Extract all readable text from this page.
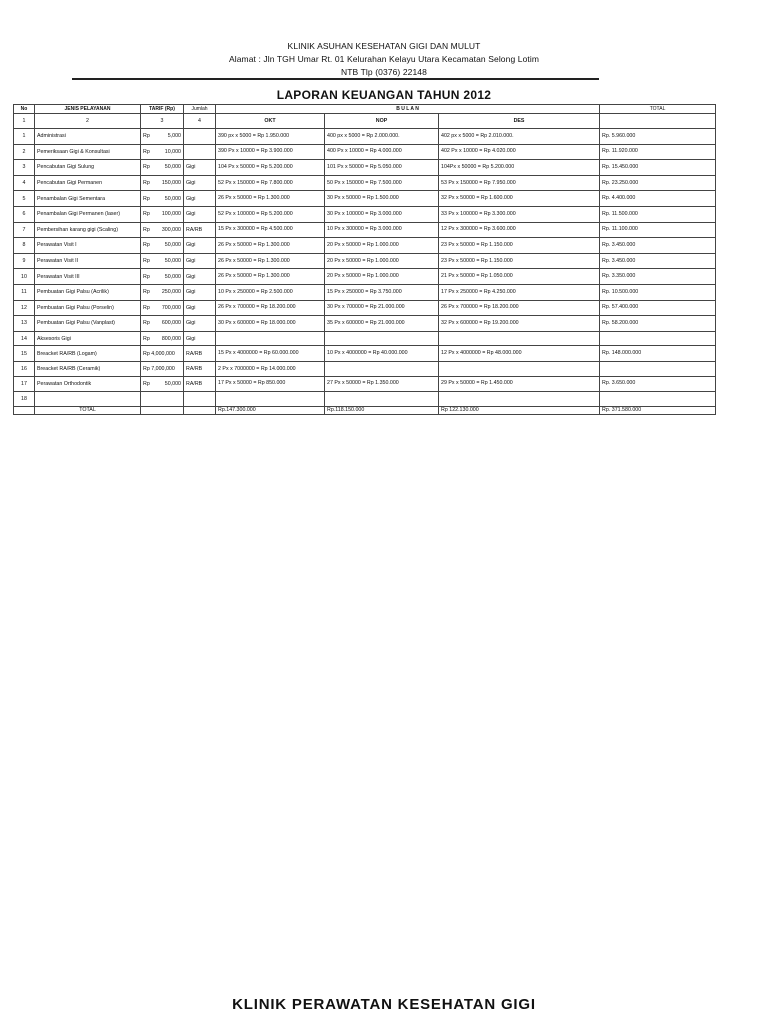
KLINIK ASUHAN KESEHATAN GIGI DAN MULUT
Alamat : Jln TGH Umar Rt. 01 Kelurahan Kelayu Utara Kecamatan Selong Lotim
NTB Tlp (0376) 22148
LAPORAN KEUANGAN TAHUN 2012
No	JENIS PELAYANAN	TARIF (Rp)	Jumlah	B U L A N			TOTAL
1	2	3	4	OKT	NOP	DES	
1	Administrasi	Rp 5,000		390 px x 5000 = Rp 1.950.000	400 px x 5000 = Rp 2.000.000.	402 px x 5000 = Rp 2.010.000.	Rp. 5.960.000
2	Pemeriksaan Gigi & Konsultasi	Rp 10,000		390 Px x 10000 = Rp 3.900.000	400 Px x 10000 = Rp 4.000.000	402 Px x 10000 = Rp 4.020.000	Rp. 11.920.000
3	Pencabutan Gigi Sulung	Rp 50,000	Gigi	104 Px x 50000 = Rp 5.200.000	101 Px x 50000 = Rp 5.050.000	104Px x 50000 = Rp 5.200.000	Rp. 15.450.000
4	Pencabutan Gigi Permanen	Rp 150,000	Gigi	52 Px x 150000 = Rp 7.800.000	50 Px x 150000 = Rp 7.500.000	53 Px x 150000 = Rp 7.950.000	Rp. 23.250.000
5	Penambalan Gigi Sementara	Rp 50,000	Gigi	26 Px x 50000 = Rp 1.300.000	30 Px x 50000 = Rp 1.500.000	32 Px x 50000 = Rp 1.600.000	Rp. 4.400.000
6	Penambalan Gigi Permanen (laser)	Rp 100,000	Gigi	52 Px x 100000 = Rp 5.200.000	30 Px x 100000 = Rp 3.000.000	33 Px x 100000 = Rp 3.300.000	Rp. 11.500.000
7	Pembersihan karang gigi (Scaling)	Rp 300,000	RA/RB	15 Px x 300000 = Rp 4.500.000	10 Px x 300000 = Rp 3.000.000	12 Px x 300000 = Rp 3.600.000	Rp. 11.100.000
8	Perawatan Visit I	Rp 50,000	Gigi	26 Px x 50000 = Rp 1.300.000	20 Px x 50000 = Rp 1.000.000	23 Px x 50000 = Rp 1.150.000	Rp. 3.450.000
9	Perawatan Visit II	Rp 50,000	Gigi	26 Px x 50000 = Rp 1.300.000	20 Px x 50000 = Rp 1.000.000	23 Px x 50000 = Rp 1.150.000	Rp. 3.450.000
10	Perawatan Visit III	Rp 50,000	Gigi	26 Px x 50000 = Rp 1.300.000	20 Px x 50000 = Rp 1.000.000	21 Px x 50000 = Rp 1.050.000	Rp. 3.350.000
11	Pembuatan Gigi Palsu (Acrilik)	Rp 250,000	Gigi	10 Px x 250000 = Rp 2.500.000	15 Px x 250000 = Rp 3.750.000	17 Px x 250000 = Rp 4.250.000	Rp. 10.500.000
12	Pembuatan Gigi Palsu (Porselin)	Rp 700,000	Gigi	26 Px x 700000 = Rp 18.200.000	30 Px x 700000 = Rp 21.000.000	26 Px x 700000 = Rp 18.200.000	Rp. 57.400.000
13	Pembuatan Gigi Palsu (Vanplast)	Rp 600,000	Gigi	30 Px x 600000 = Rp 18.000.000	35 Px x 600000 = Rp 21.000.000	32 Px x 600000 = Rp 19.200.000	Rp. 58.200.000
14	Aksesoris Gigi	Rp 800,000	Gigi				
15	Breacket RA/RB (Logam)	Rp 4,000,000	RA/RB	15 Px x 4000000 = Rp 60.000.000	10 Px x 4000000 = Rp 40.000.000	12 Px x 4000000 = Rp 48.000.000	Rp. 148.000.000
16	Breacket RA/RB (Ceramik)	Rp 7,000,000	RA/RB	2 Px x 7000000 = Rp 14.000.000			
17	Perawatan Orthodontik	Rp 50,000	RA/RB	17 Px x 50000 = Rp 850.000	27 Px x 50000 = Rp 1.350.000	29 Px x 50000 = Rp 1.450.000	Rp. 3.650.000
18		

	TOTAL			Rp.147.300.000	Rp.118.150.000	Rp 122.130.000	Rp. 371.580.000
KLINIK PERAWATAN KESEHATAN GIGI
